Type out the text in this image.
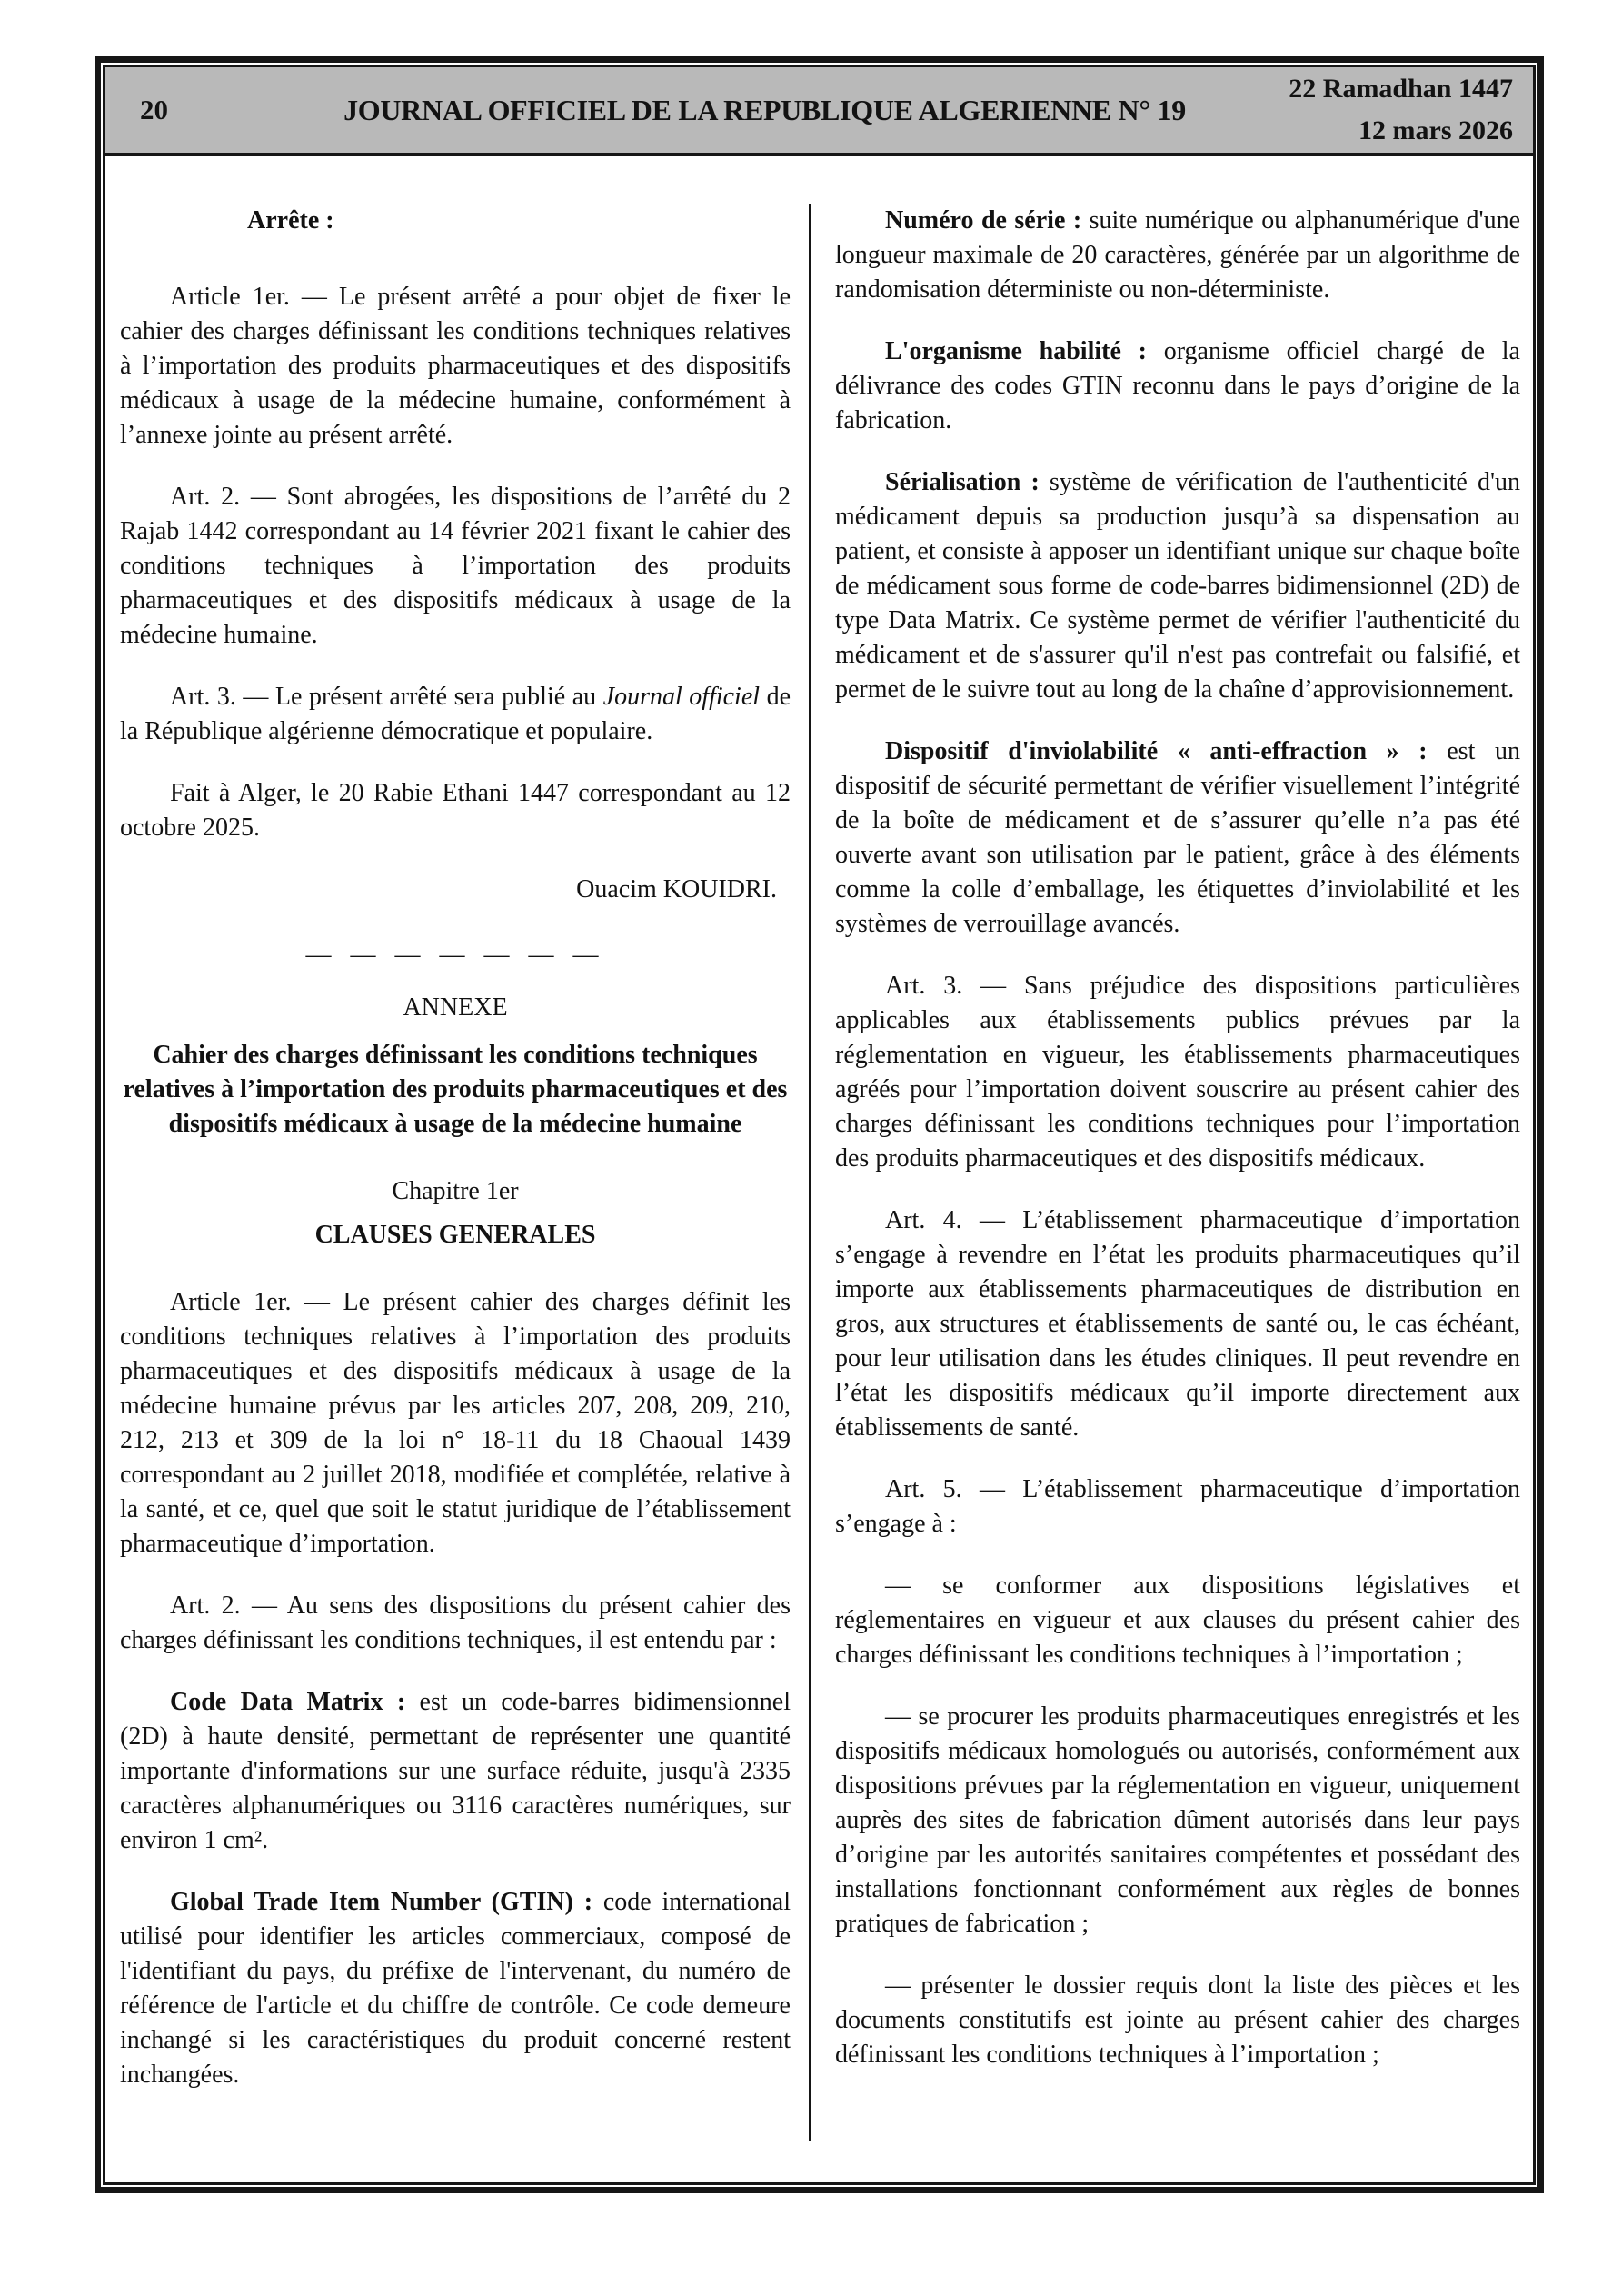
20	JOURNAL OFFICIEL DE LA REPUBLIQUE ALGERIENNE N° 19
22 Ramadhan 1447
12 mars 2026

Arrête :

Article 1er. — Le présent arrêté a pour objet de fixer le cahier des charges définissant les conditions techniques relatives à l’importation des produits pharmaceutiques et des dispositifs médicaux à usage de la médecine humaine, conformément à l’annexe jointe au présent arrêté.

Art. 2. — Sont abrogées, les dispositions de l’arrêté du 2 Rajab 1442 correspondant au 14 février 2021 fixant le cahier des conditions techniques à l’importation des produits pharmaceutiques et des dispositifs médicaux à usage de la médecine humaine.

Art. 3. — Le présent arrêté sera publié au Journal officiel de la République algérienne démocratique et populaire.

Fait à Alger, le 20 Rabie Ethani 1447 correspondant au 12 octobre 2025.

Ouacim KOUIDRI.

— — — — — — —

ANNEXE

Cahier des charges définissant les conditions techniques relatives à l’importation des produits pharmaceutiques et des dispositifs médicaux à usage de la médecine humaine

Chapitre 1er

CLAUSES GENERALES

Article 1er. — Le présent cahier des charges définit les conditions techniques relatives à l’importation des produits pharmaceutiques et des dispositifs médicaux à usage de la médecine humaine prévus par les articles 207, 208, 209, 210, 212, 213 et 309 de la loi n° 18-11 du 18 Chaoual 1439 correspondant au 2 juillet 2018, modifiée et complétée, relative à la santé, et ce, quel que soit le statut juridique de l’établissement pharmaceutique d’importation.

Art. 2. — Au sens des dispositions du présent cahier des charges définissant les conditions techniques, il est entendu par :

Code Data Matrix : est un code-barres bidimensionnel (2D) à haute densité, permettant de représenter une quantité importante d'informations sur une surface réduite, jusqu'à 2335 caractères alphanumériques ou 3116 caractères numériques, sur environ 1 cm².

Global Trade Item Number (GTIN) : code international utilisé pour identifier les articles commerciaux, composé de l'identifiant du pays, du préfixe de l'intervenant, du numéro de référence de l'article et du chiffre de contrôle. Ce code demeure inchangé si les caractéristiques du produit concerné restent inchangées.

Numéro de série : suite numérique ou alphanumérique d'une longueur maximale de 20 caractères, générée par un algorithme de randomisation déterministe ou non-déterministe.

L'organisme habilité : organisme officiel chargé de la délivrance des codes GTIN reconnu dans le pays d’origine de la fabrication.

Sérialisation : système de vérification de l'authenticité d'un médicament depuis sa production jusqu’à sa dispensation au patient, et consiste à apposer un identifiant unique sur chaque boîte de médicament sous forme de code-barres bidimensionnel (2D) de type Data Matrix. Ce système permet de vérifier l'authenticité du médicament et de s'assurer qu'il n'est pas contrefait ou falsifié, et permet de le suivre tout au long de la chaîne d’approvisionnement.

Dispositif d'inviolabilité « anti-effraction » : est un dispositif de sécurité permettant de vérifier visuellement l’intégrité de la boîte de médicament et de s’assurer qu’elle n’a pas été ouverte avant son utilisation par le patient, grâce à des éléments comme la colle d’emballage, les étiquettes d’inviolabilité et les systèmes de verrouillage avancés.

Art. 3. — Sans préjudice des dispositions particulières applicables aux établissements publics prévues par la réglementation en vigueur, les établissements pharmaceutiques agréés pour l’importation doivent souscrire au présent cahier des charges définissant les conditions techniques pour l’importation des produits pharmaceutiques et des dispositifs médicaux.

Art. 4. — L’établissement pharmaceutique d’importation s’engage à revendre en l’état les produits pharmaceutiques qu’il importe aux établissements pharmaceutiques de distribution en gros, aux structures et établissements de santé ou, le cas échéant, pour leur utilisation dans les études cliniques. Il peut revendre en l’état les dispositifs médicaux qu’il importe directement aux établissements de santé.

Art. 5. — L’établissement pharmaceutique d’importation s’engage à :

— se conformer aux dispositions législatives et réglementaires en vigueur et aux clauses du présent cahier des charges définissant les conditions techniques à l’importation ;

— se procurer les produits pharmaceutiques enregistrés et les dispositifs médicaux homologués ou autorisés, conformément aux dispositions prévues par la réglementation en vigueur, uniquement auprès des sites de fabrication dûment autorisés dans leur pays d’origine par les autorités sanitaires compétentes et possédant des installations fonctionnant conformément aux règles de bonnes pratiques de fabrication ;

— présenter le dossier requis dont la liste des pièces et les documents constitutifs est jointe au présent cahier des charges définissant les conditions techniques à l’importation ;
